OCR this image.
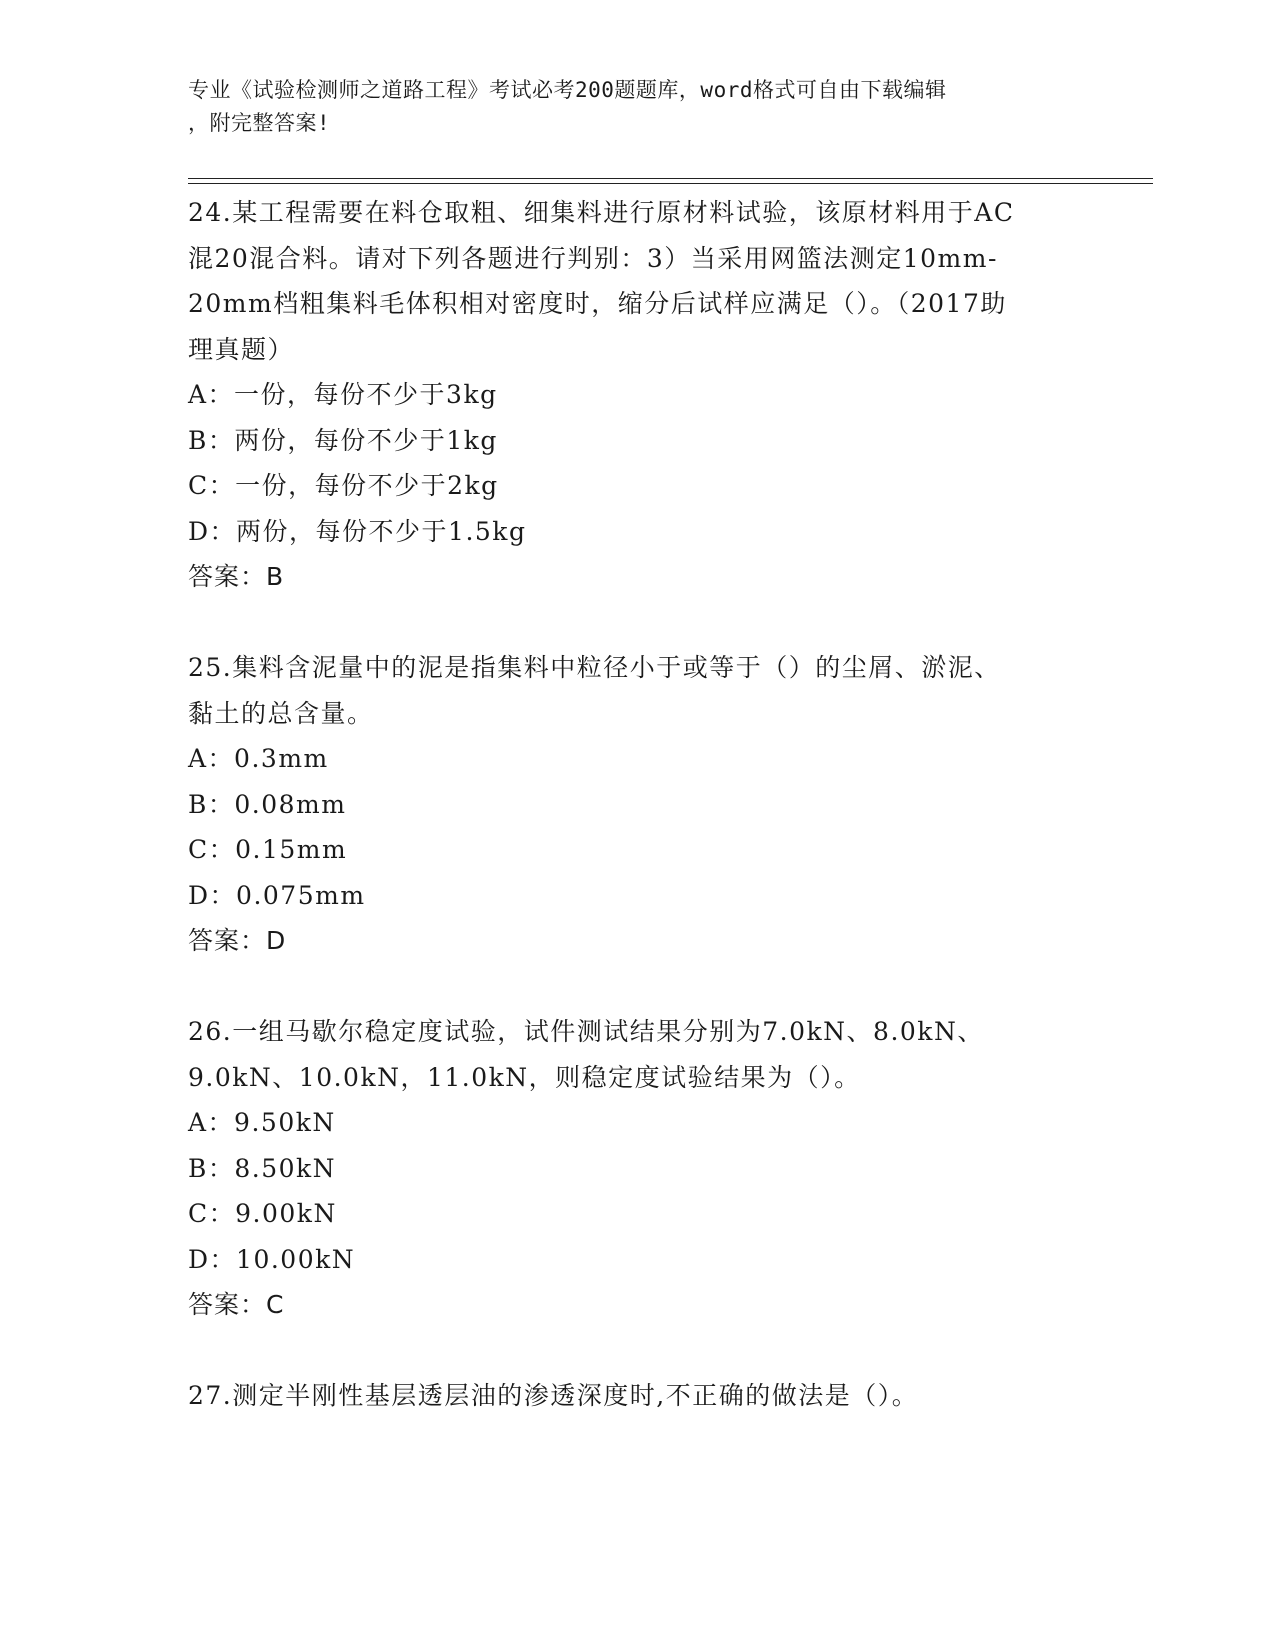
专业《试验检测师之道路工程》考试必考200题题库，word格式可自由下载编辑
，附完整答案!
24.某工程需要在料仓取粗、细集料进行原材料试验，该原材料用于AC
混20混合料。请对下列各题进行判别：3）当采用网篮法测定10mm-
20mm档粗集料毛体积相对密度时，缩分后试样应满足（）。（2017助
理真题）
A：一份，每份不少于3kg
B：两份，每份不少于1kg
C：一份，每份不少于2kg
D：两份，每份不少于1.5kg
答案：B
25.集料含泥量中的泥是指集料中粒径小于或等于（）的尘屑、淤泥、
黏土的总含量。
A：0.3mm
B：0.08mm
C：0.15mm
D：0.075mm
答案：D
26.一组马歇尔稳定度试验，试件测试结果分别为7.0kN、8.0kN、
9.0kN、10.0kN，11.0kN，则稳定度试验结果为（）。
A：9.50kN
B：8.50kN
C：9.00kN
D：10.00kN
答案：C
27.测定半刚性基层透层油的渗透深度时,不正确的做法是（）。
